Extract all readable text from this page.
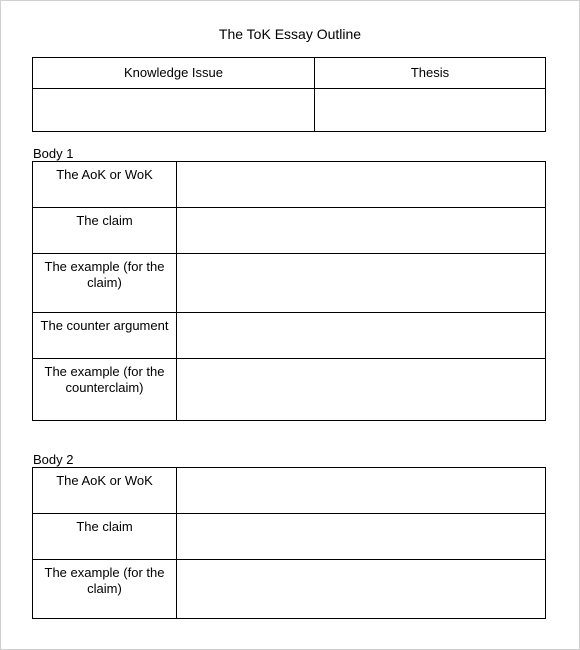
The ToK Essay Outline
Knowledge Issue	Thesis

Body 1
The AoK or WoK	
The claim	
The example (for the claim)	
The counter argument	
The example (for the counterclaim)	
Body 2
The AoK or WoK	
The claim	
The example (for the claim)	
